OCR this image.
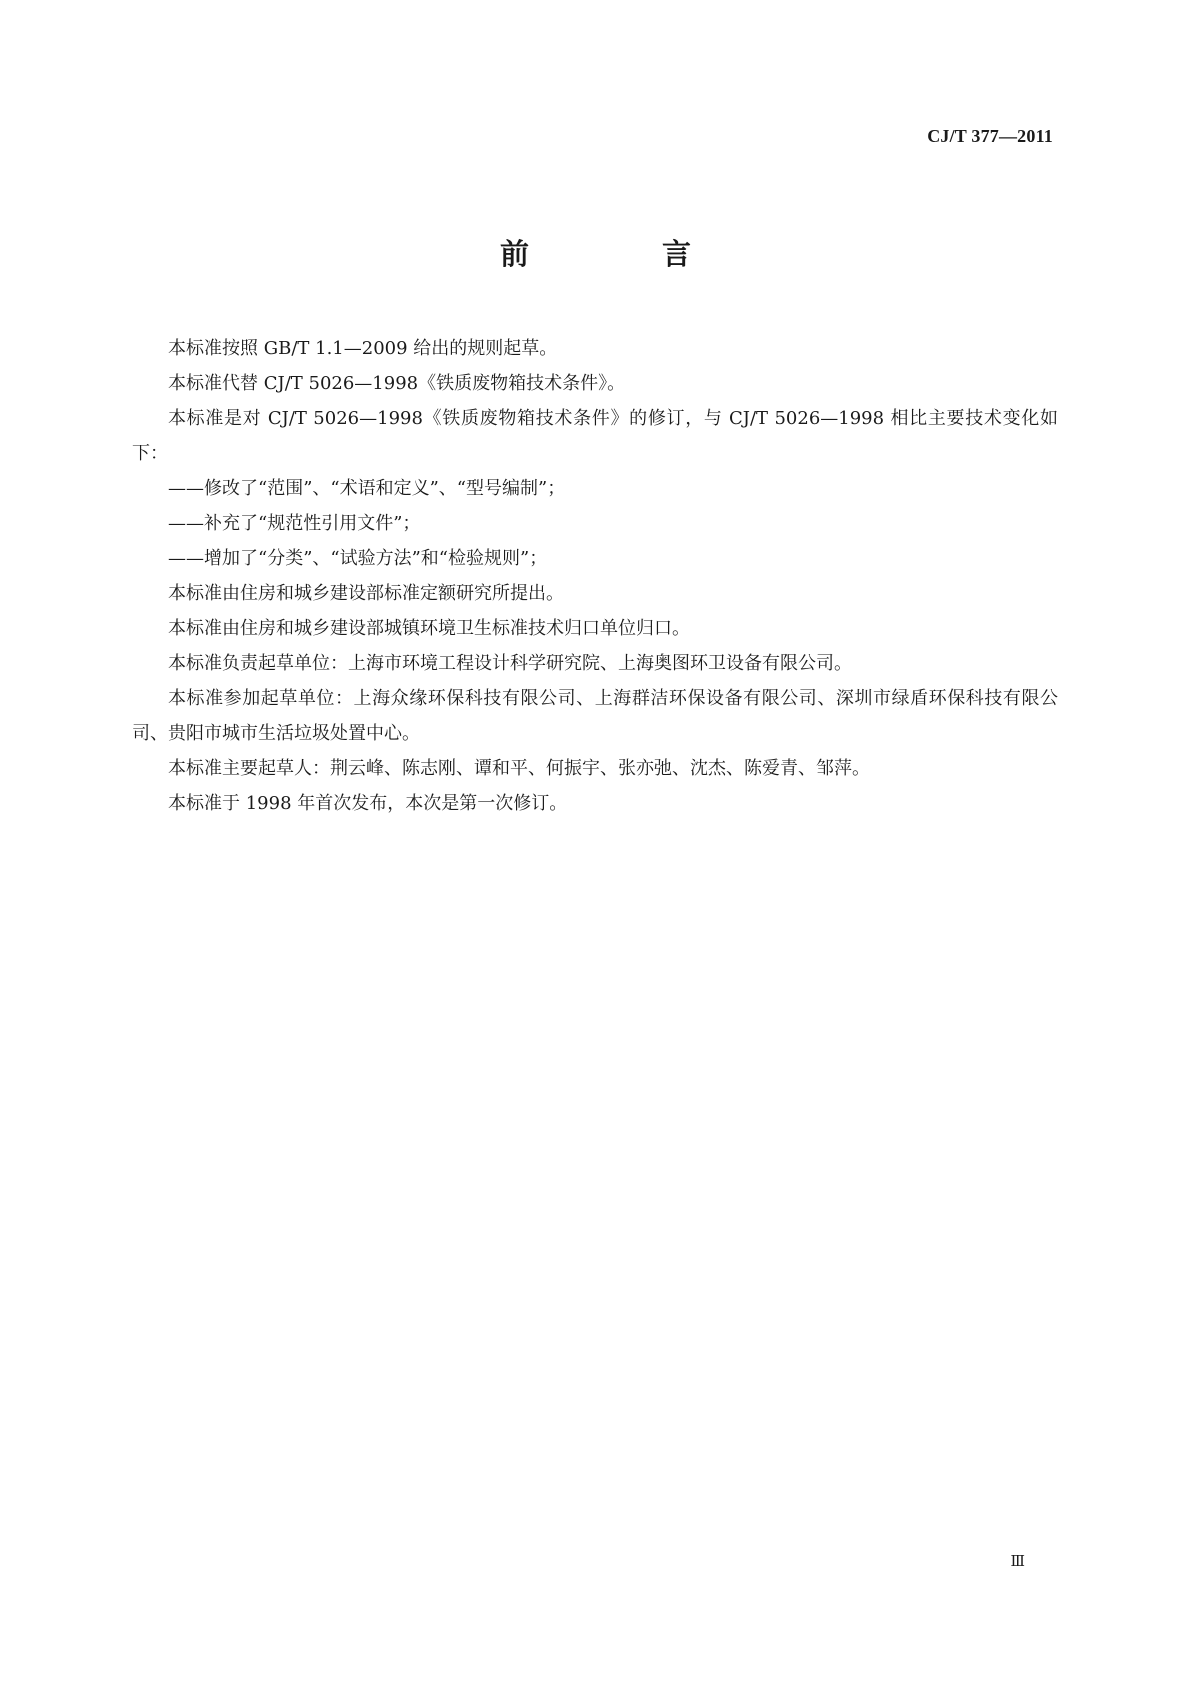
CJ/T 377—2011
前　言

本标准按照 GB/T 1.1—2009 给出的规则起草。

本标准代替 CJ/T 5026—1998《铁质废物箱技术条件》。

本标准是对 CJ/T 5026—1998《铁质废物箱技术条件》的修订，与 CJ/T 5026—1998 相比主要技术变化如下：

——修改了“范围”、“术语和定义”、“型号编制”；

——补充了“规范性引用文件”；

——增加了“分类”、“试验方法”和“检验规则”；

本标准由住房和城乡建设部标准定额研究所提出。

本标准由住房和城乡建设部城镇环境卫生标准技术归口单位归口。

本标准负责起草单位：上海市环境工程设计科学研究院、上海奥图环卫设备有限公司。

本标准参加起草单位：上海众缘环保科技有限公司、上海群洁环保设备有限公司、深圳市绿盾环保科技有限公司、贵阳市城市生活垃圾处置中心。

本标准主要起草人：荆云峰、陈志刚、谭和平、何振宇、张亦弛、沈杰、陈爱青、邹萍。

本标准于 1998 年首次发布，本次是第一次修订。

Ⅲ
